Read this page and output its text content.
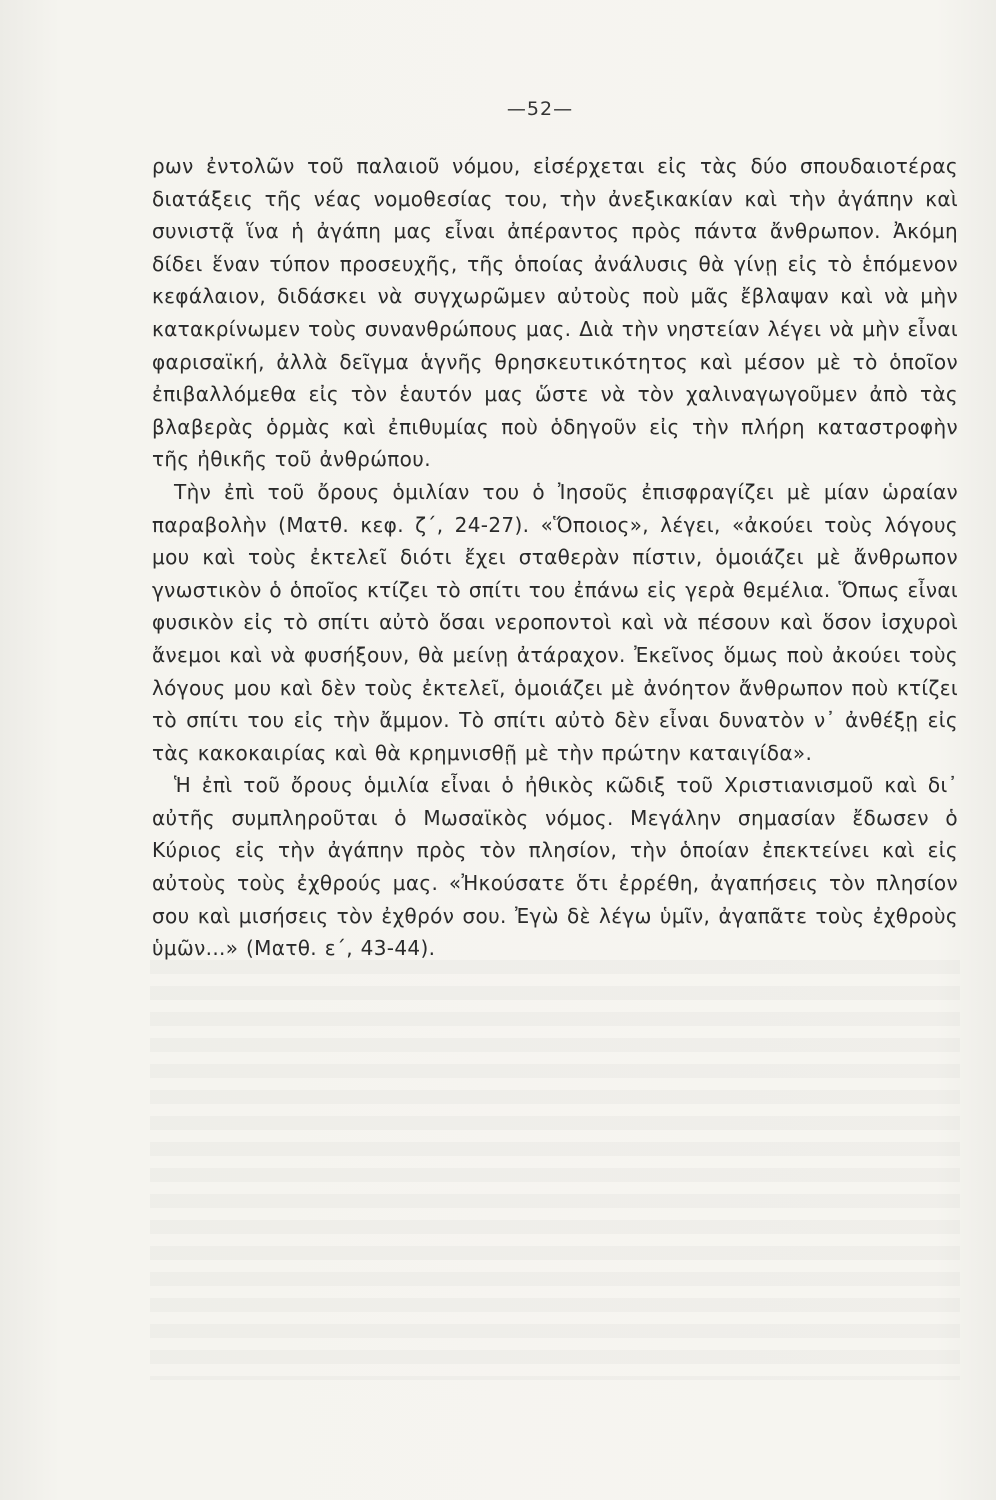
—52—

ρων ἐντολῶν τοῦ παλαιοῦ νόμου, εἰσέρχεται εἰς τὰς δύο σπουδαιοτέρας διατάξεις τῆς νέας νομοθεσίας του, τὴν ἀνεξικακίαν καὶ τὴν ἀγάπην καὶ συνιστᾷ ἵνα ἡ ἀγάπη μας εἶναι ἀπέραντος πρὸς πάντα ἄνθρωπον. Ἀκόμη δίδει ἕναν τύπον προσευχῆς, τῆς ὁποίας ἀνάλυσις θὰ γίνῃ εἰς τὸ ἑπόμενον κεφάλαιον, διδάσκει νὰ συγχωρῶμεν αὐτοὺς ποὺ μᾶς ἔβλαψαν καὶ νὰ μὴν κατακρίνωμεν τοὺς συνανθρώπους μας. Διὰ τὴν νηστείαν λέγει νὰ μὴν εἶναι φαρισαϊκή, ἀλλὰ δεῖγμα ἁγνῆς θρησκευτικότητος καὶ μέσον μὲ τὸ ὁποῖον ἐπιβαλλόμεθα εἰς τὸν ἑαυτόν μας ὥστε νὰ τὸν χαλιναγωγοῦμεν ἀπὸ τὰς βλαβερὰς ὁρμὰς καὶ ἐπιθυμίας ποὺ ὁδηγοῦν εἰς τὴν πλήρη καταστροφὴν τῆς ἠθικῆς τοῦ ἀνθρώπου.

Τὴν ἐπὶ τοῦ ὄρους ὁμιλίαν του ὁ Ἰησοῦς ἐπισφραγίζει μὲ μίαν ὡραίαν παραβολὴν (Ματθ. κεφ. ζ΄, 24-27). «Ὅποιος», λέγει, «ἀκούει τοὺς λόγους μου καὶ τοὺς ἐκτελεῖ διότι ἔχει σταθερὰν πίστιν, ὁμοιάζει μὲ ἄνθρωπον γνωστικὸν ὁ ὁποῖος κτίζει τὸ σπίτι του ἐπάνω εἰς γερὰ θεμέλια. Ὅπως εἶναι φυσικὸν εἰς τὸ σπίτι αὐτὸ ὅσαι νεροποντοὶ καὶ νὰ πέσουν καὶ ὅσον ἰσχυροὶ ἄνεμοι καὶ νὰ φυσήξουν, θὰ μείνῃ ἀτάραχον. Ἐκεῖνος ὅμως ποὺ ἀκούει τοὺς λόγους μου καὶ δὲν τοὺς ἐκτελεῖ, ὁμοιάζει μὲ ἀνόητον ἄνθρωπον ποὺ κτίζει τὸ σπίτι του εἰς τὴν ἄμμον. Τὸ σπίτι αὐτὸ δὲν εἶναι δυνατὸν ν᾽ ἀνθέξῃ εἰς τὰς κακοκαιρίας καὶ θὰ κρημνισθῇ μὲ τὴν πρώτην καταιγίδα».

Ἡ ἐπὶ τοῦ ὄρους ὁμιλία εἶναι ὁ ἠθικὸς κῶδιξ τοῦ Χριστιανισμοῦ καὶ δι᾽ αὐτῆς συμπληροῦται ὁ Μωσαϊκὸς νόμος. Μεγάλην σημασίαν ἔδωσεν ὁ Κύριος εἰς τὴν ἀγάπην πρὸς τὸν πλησίον, τὴν ὁποίαν ἐπεκτείνει καὶ εἰς αὐτοὺς τοὺς ἐχθρούς μας. «Ἠκούσατε ὅτι ἐρρέθη, ἀγαπήσεις τὸν πλησίον σου καὶ μισήσεις τὸν ἐχθρόν σου. Ἐγὼ δὲ λέγω ὑμῖν, ἀγαπᾶτε τοὺς ἐχθροὺς ὑμῶν...» (Ματθ. ε΄, 43-44).
